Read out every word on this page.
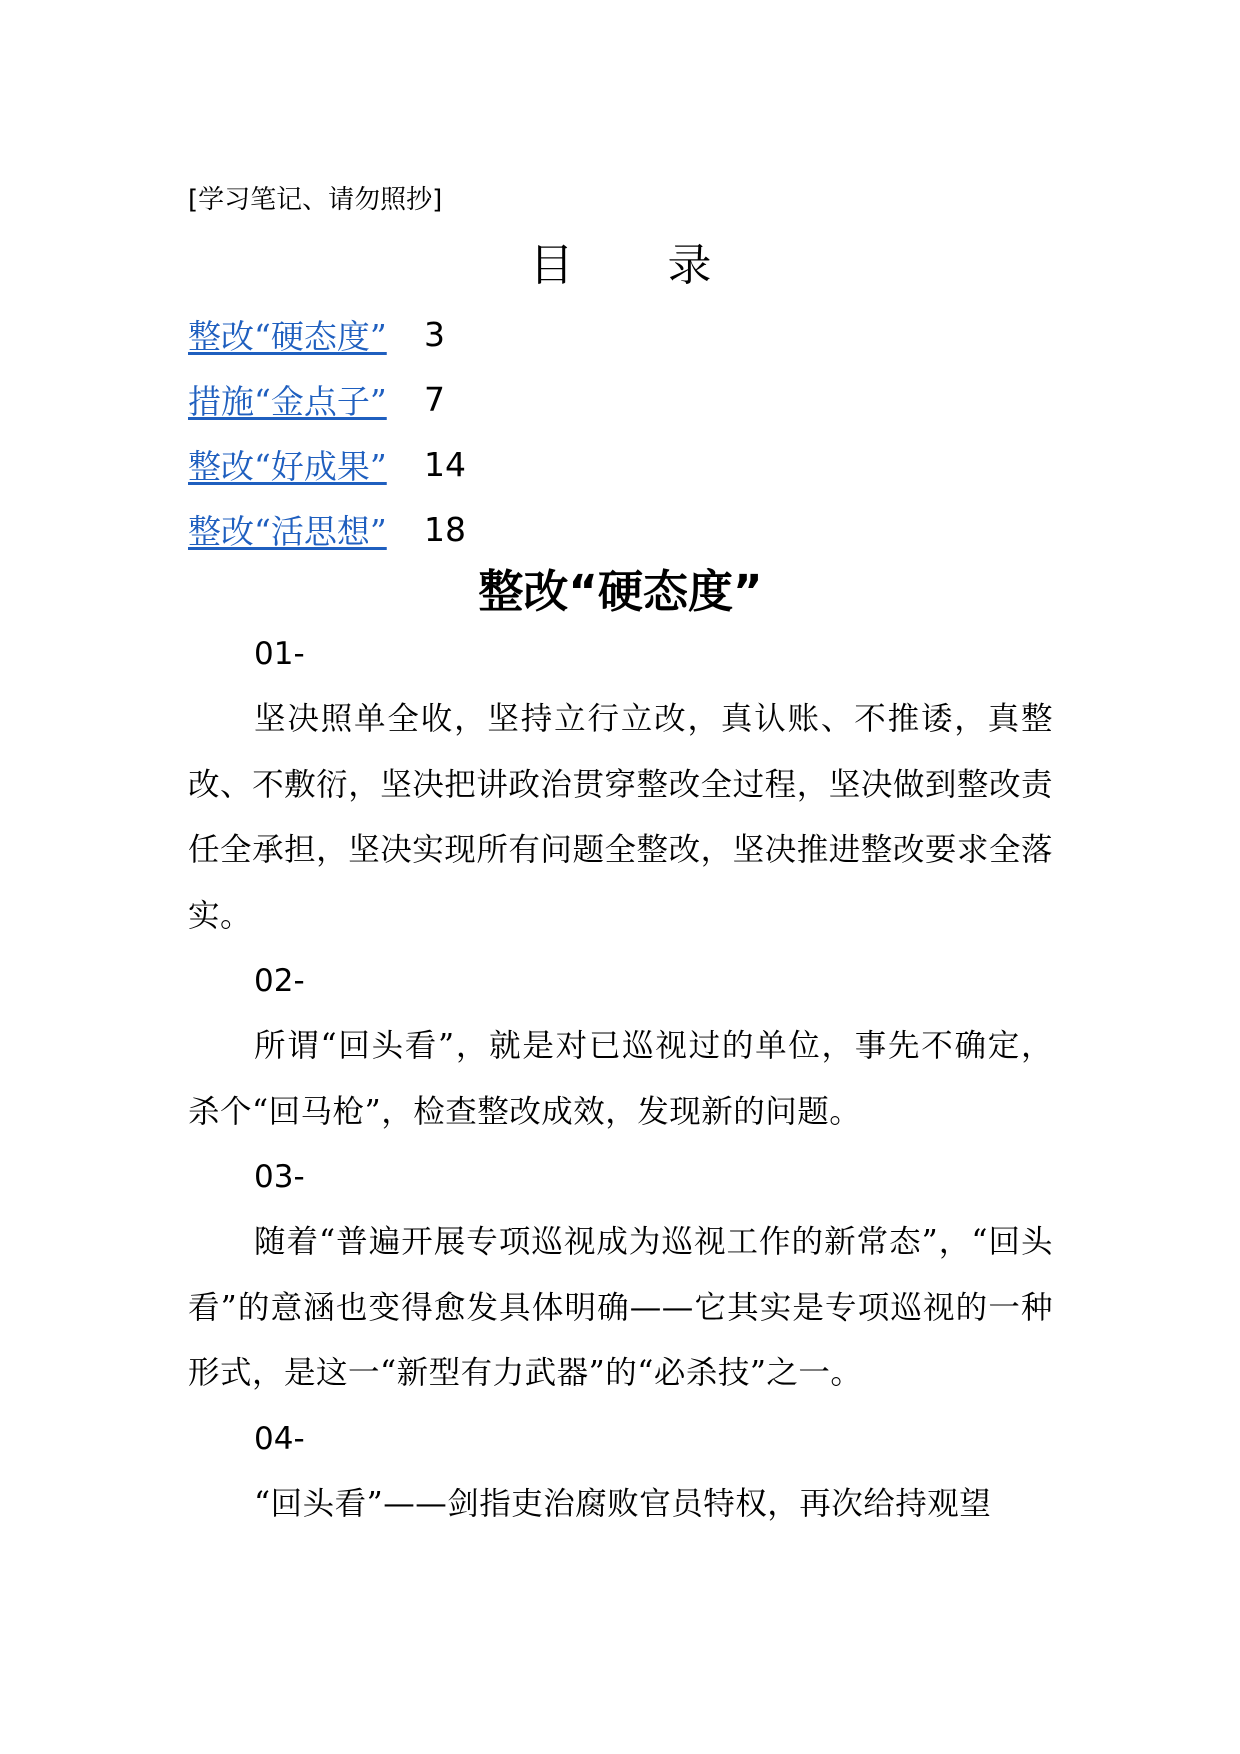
[学习笔记、请勿照抄]

目 录
整改“硬态度”	3
措施“金点子”	7
整改“好成果”	14
整改“活思想”	18
整改“硬态度”

01-

坚决照单全收，坚持立行立改，真认账、不推诿，真整改、不敷衍，坚决把讲政治贯穿整改全过程，坚决做到整改责任全承担，坚决实现所有问题全整改，坚决推进整改要求全落实。

02-

所谓“回头看”，就是对已巡视过的单位，事先不确定，杀个“回马枪”，检查整改成效，发现新的问题。

03-

随着“普遍开展专项巡视成为巡视工作的新常态”，“回头看”的意涵也变得愈发具体明确——它其实是专项巡视的一种形式，是这一“新型有力武器”的“必杀技”之一。

04-

“回头看”——剑指吏治腐败官员特权，再次给持观望
